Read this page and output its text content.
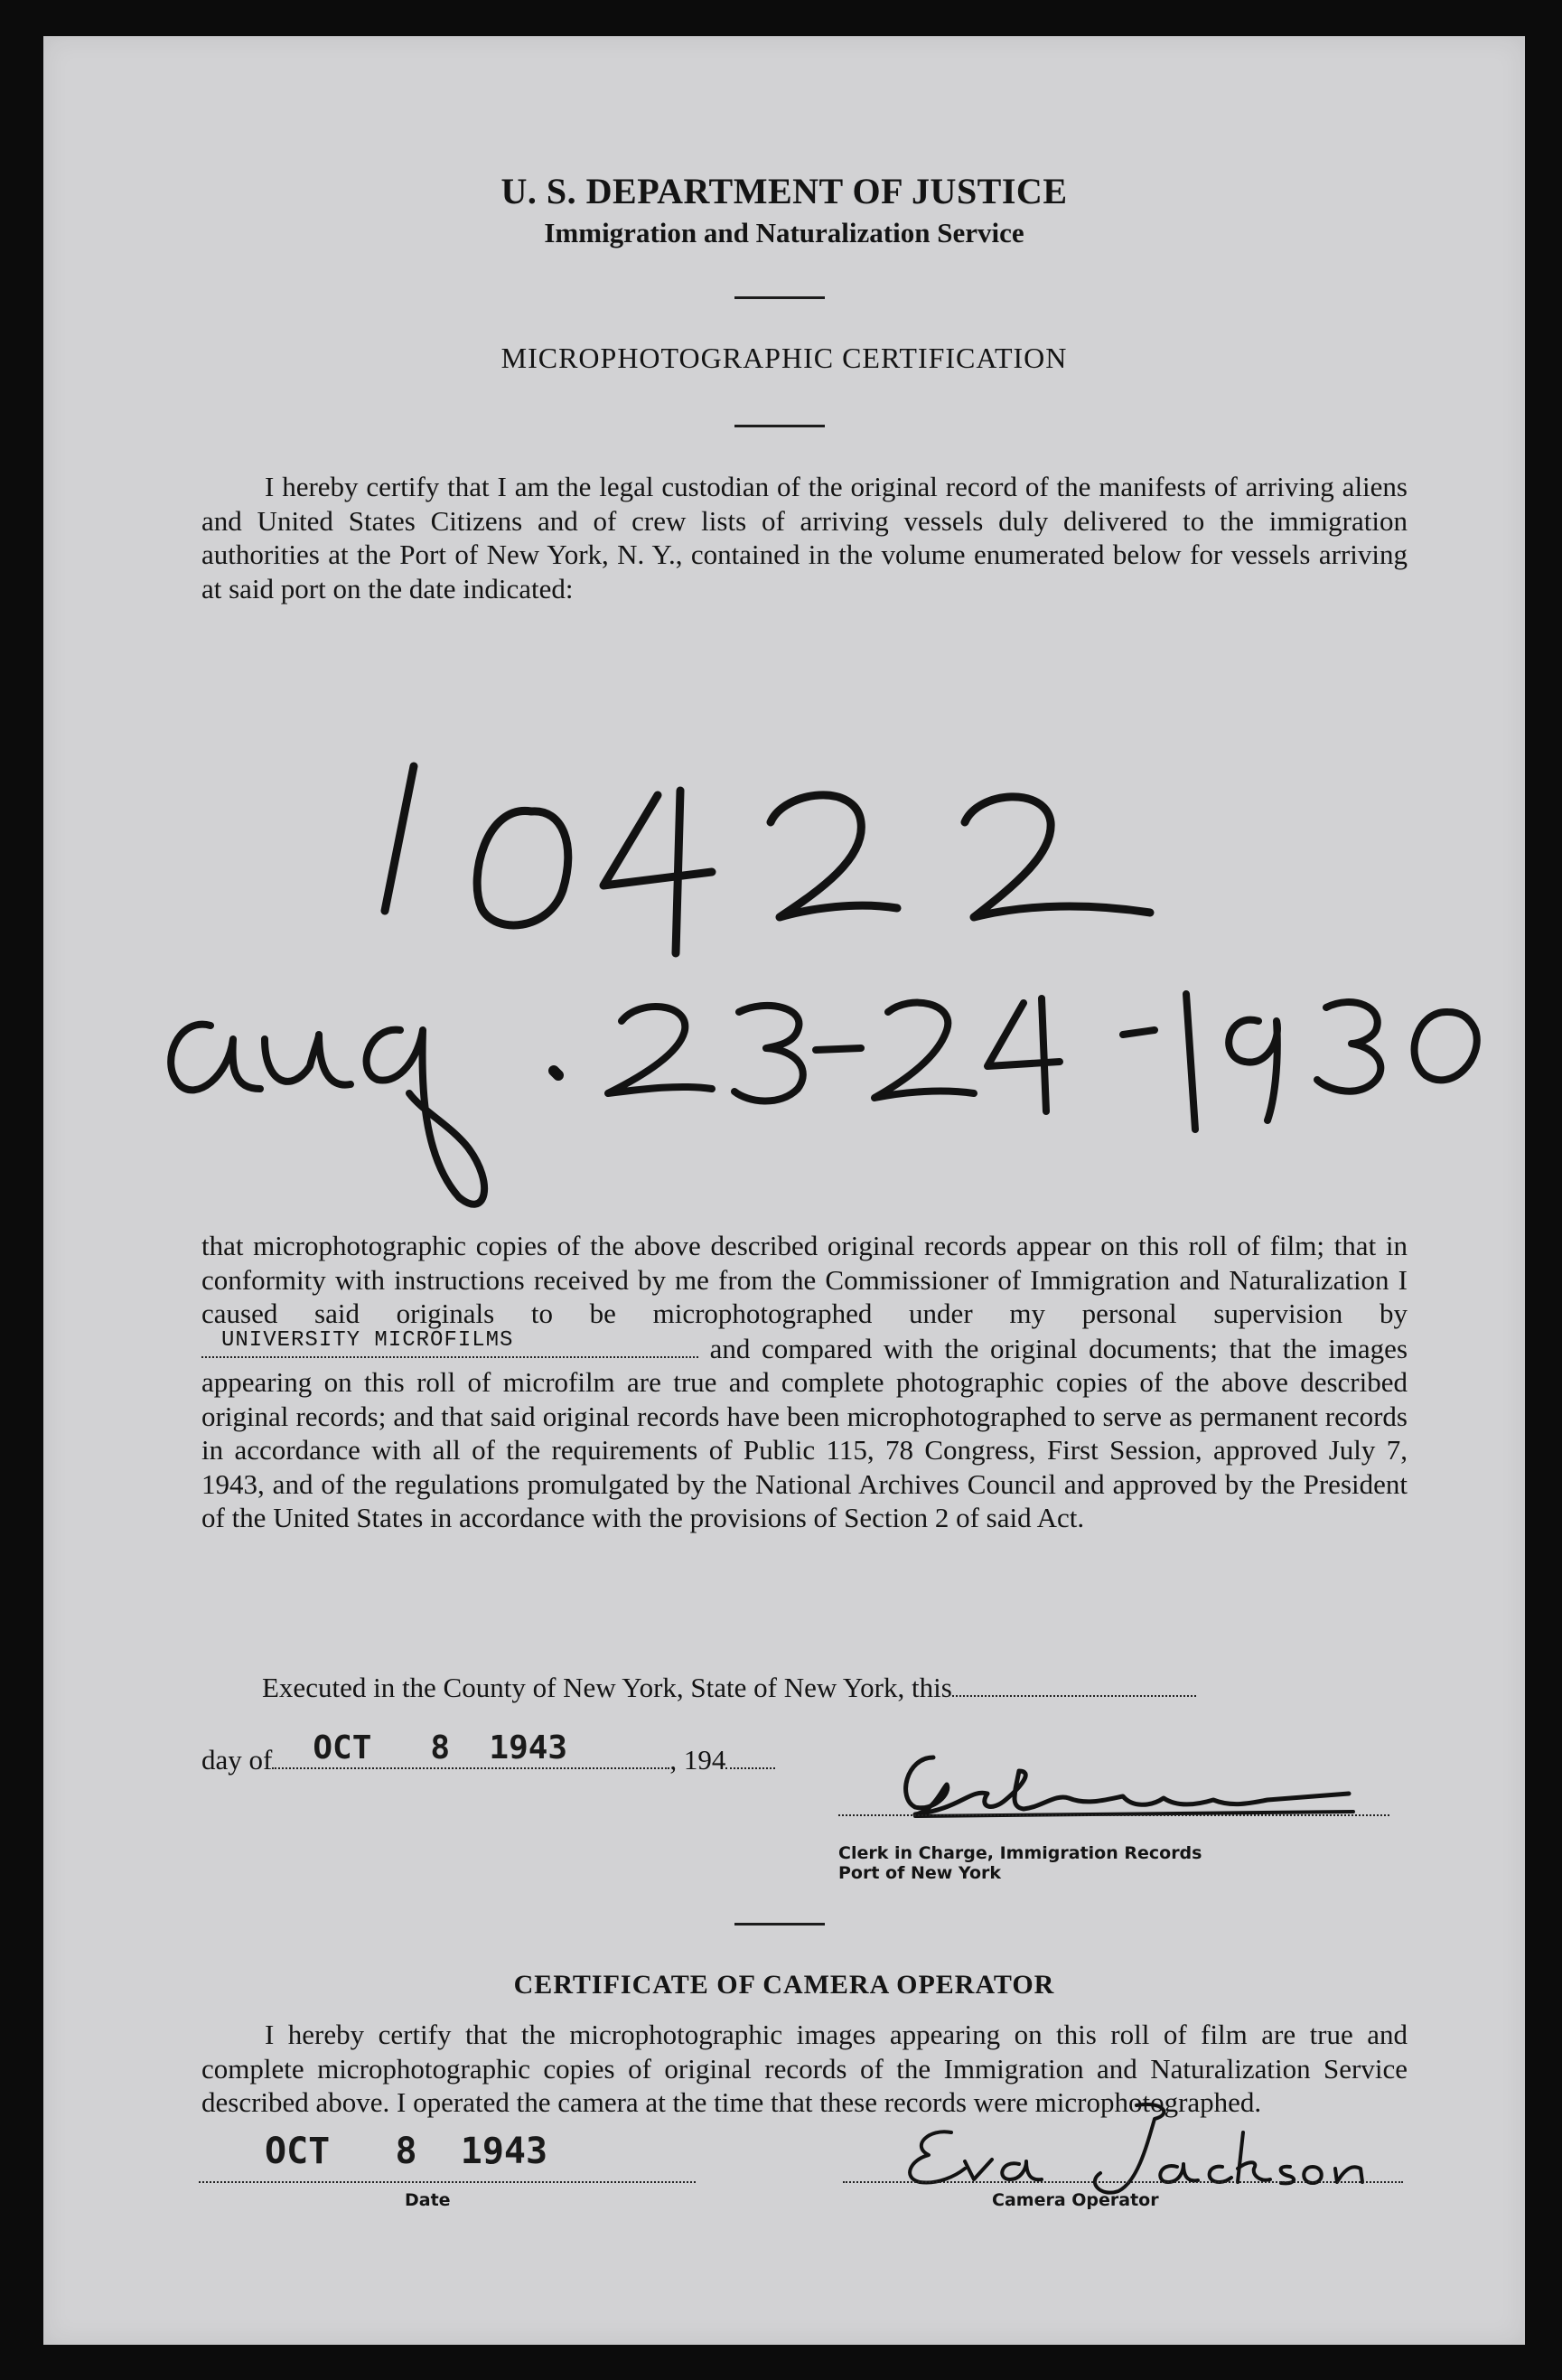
U. S. DEPARTMENT OF JUSTICE
Immigration and Naturalization Service
MICROPHOTOGRAPHIC CERTIFICATION
I hereby certify that I am the legal custodian of the original record of the manifests of arriving aliens and United States Citizens and of crew lists of arriving vessels duly delivered to the immigration authorities at the Port of New York, N. Y., contained in the volume enumerated below for vessels arriving at said port on the date indicated:
that microphotographic copies of the above described original records appear on this roll of film; that in conformity with instructions received by me from the Commissioner of Immigration and Naturalization I caused said originals to be microphotographed under my personal supervision by
UNIVERSITY MICROFILMS	and compared with the original documents; that the images appearing on this roll of microfilm are true and complete photographic copies of the above described original records; and that said original records have been microphotographed to serve as permanent records in accordance with all of the requirements of Public 115, 78 Congress, First Session, approved July 7, 1943, and of the regulations promulgated by the National Archives Council and approved by the President of the United States in accordance with the provisions of Section 2 of said Act.
Executed in the County of New York, State of New York, this
day of OCT   8  1943	, 194
Clerk in Charge, Immigration Records
Port of New York
CERTIFICATE OF CAMERA OPERATOR
I hereby certify that the microphotographic images appearing on this roll of film are true and complete microphotographic copies of original records of the Immigration and Naturalization Service described above. I operated the camera at the time that these records were microphotographed.
OCT   8  1943
Date	Camera Operator
